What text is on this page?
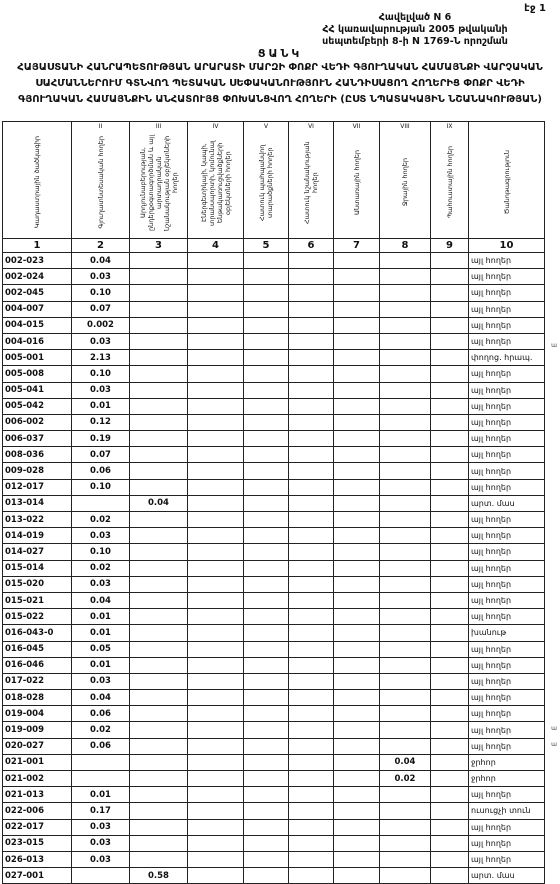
էջ 1
Հավելված N 6
ՀՀ կառավարության 2005 թվականի
սեպտեմբերի 8-ի N 1769-Ն որոշման
ՑԱՆԿ
ՀԱՅԱՍՏԱՆԻ ՀԱՆՐԱՊԵՏՈՒԹՅԱՆ ԱՐԱՐԱՏԻ ՄԱՐԶԻ ՓՈՔՐ ՎԵԴԻ ԳՅՈՒՂԱԿԱՆ ՀԱՄԱՅՆՔԻ ՎԱՐՉԱԿԱՆ ՍԱՀՄԱՆՆԵՐՈՒՄ ԳՏՆՎՈՂ ՊԵՏԱԿԱՆ ՍԵՓԱԿԱՆՈՒԹՅՈՒՆ ՀԱՆԴԻՍԱՑՈՂ ՀՈՂԵՐԻՑ ՓՈՔՐ ՎԵԴԻ ԳՅՈՒՂԱԿԱՆ ՀԱՄԱՅՆՔԻՆ ԱՆՀԱՏՈՒՅՑ ՓՈԽԱՆՑՎՈՂ ՀՈՂԵՐԻ (ԸՍՏ ՆՊԱՏԱԿԱՅԻՆ ՆՇԱՆԱԿՈՒԹՅԱՆ)
	II	III	IV	V	VI	VII	VIII	IX	
Կադաստրային ծածկագիր	Գյուղատնտեսական հողեր	Արդյունաբերության, ընդերքօգտագործման և այլ արտադրական նշանակության օբյեկտների հողեր	Էներգետիկայի, կապի, տրանսպորտի, կոմունալ ենթակառուցվածքների օբյեկտների հողեր	Հատուկ պահպանվող տարածքների հողեր	Հատուկ նշանակության հողեր	Անտառային հողեր	Ջրային հողեր	Պահուստային հողեր	Ծանոթագրություն
1	2	3	4	5	6	7	8	9	10
002-023	0.04								այլ հողեր
002-024	0.03								այլ հողեր
002-045	0.10								այլ հողեր
004-007	0.07								այլ հողեր
004-015	0.002								այլ հողեր
004-016	0.03								այլ հողեր
005-001	2.13								փողոց. հրապ.
005-008	0.10								այլ հողեր
005-041	0.03								այլ հողեր
005-042	0.01								այլ հողեր
006-002	0.12								այլ հողեր
006-037	0.19								այլ հողեր
008-036	0.07								այլ հողեր
009-028	0.06								այլ հողեր
012-017	0.10								այլ հողեր
013-014		0.04							արտ. մաս
013-022	0.02								այլ հողեր
014-019	0.03								այլ հողեր
014-027	0.10								այլ հողեր
015-014	0.02								այլ հողեր
015-020	0.03								այլ հողեր
015-021	0.04								այլ հողեր
015-022	0.01								այլ հողեր
016-043-0	0.01								խանութ
016-045	0.05								այլ հողեր
016-046	0.01								այլ հողեր
017-022	0.03								այլ հողեր
018-028	0.04								այլ հողեր
019-004	0.06								այլ հողեր
019-009	0.02								այլ հողեր
020-027	0.06								այլ հողեր
021-001							0.04		ջրհոր
021-002							0.02		ջրհոր
021-013	0.01								այլ հողեր
022-006	0.17								ուսուցչի տուն
022-017	0.03								այլ հողեր
023-015	0.03								այլ հողեր
026-013	0.03								այլ հողեր
027-001		0.58							արտ. մաս
ա
ա
ա
